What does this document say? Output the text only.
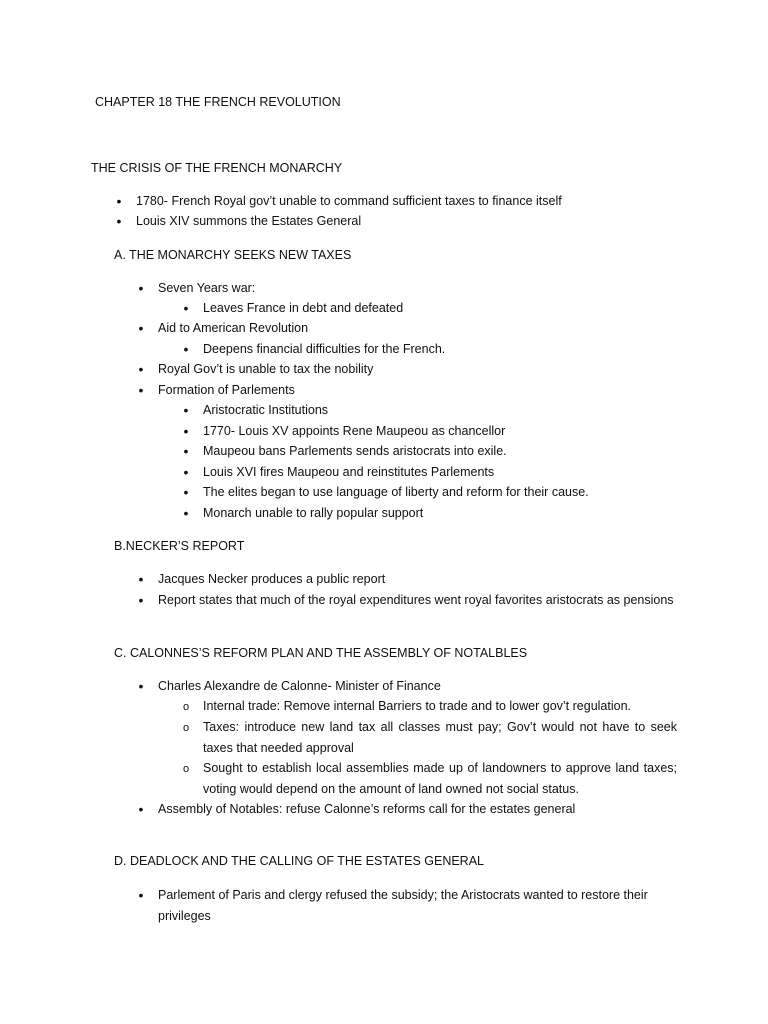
CHAPTER 18 THE FRENCH REVOLUTION
THE CRISIS OF THE FRENCH MONARCHY
•
1780- French Royal gov’t unable to command sufficient taxes to finance itself
•
Louis XIV summons the Estates General
A. THE MONARCHY SEEKS NEW TAXES
•
Seven Years war:
•
Leaves France in debt and defeated
•
Aid to American Revolution
•
Deepens financial difficulties for the French.
•
Royal Gov’t is unable to tax the nobility
•
Formation of Parlements
•
Aristocratic Institutions
•
1770- Louis XV appoints Rene Maupeou as chancellor
•
Maupeou bans Parlements sends aristocrats into exile.
•
Louis XVI fires Maupeou and reinstitutes Parlements
•
The elites began to use language of liberty and reform for their cause.
•
Monarch unable to rally popular support
B.NECKER’S REPORT
•
Jacques Necker produces a public report
•
Report states that much of the royal expenditures went royal favorites aristocrats as pensions
C. CALONNES’S REFORM PLAN AND THE ASSEMBLY OF NOTALBLES
•
Charles Alexandre de Calonne- Minister of Finance
o
Internal trade: Remove internal Barriers to trade and to lower gov’t regulation.
o
Taxes: introduce new land tax all classes must pay; Gov’t would not have to seek taxes that needed approval
o
Sought to establish local assemblies made up of landowners to approve land taxes; voting would depend on the amount of land owned not social status.
•
Assembly of Notables: refuse Calonne’s reforms call for the estates general
D. DEADLOCK AND THE CALLING OF THE ESTATES GENERAL
•
Parlement of Paris and clergy refused the subsidy; the Aristocrats wanted to restore their privileges
